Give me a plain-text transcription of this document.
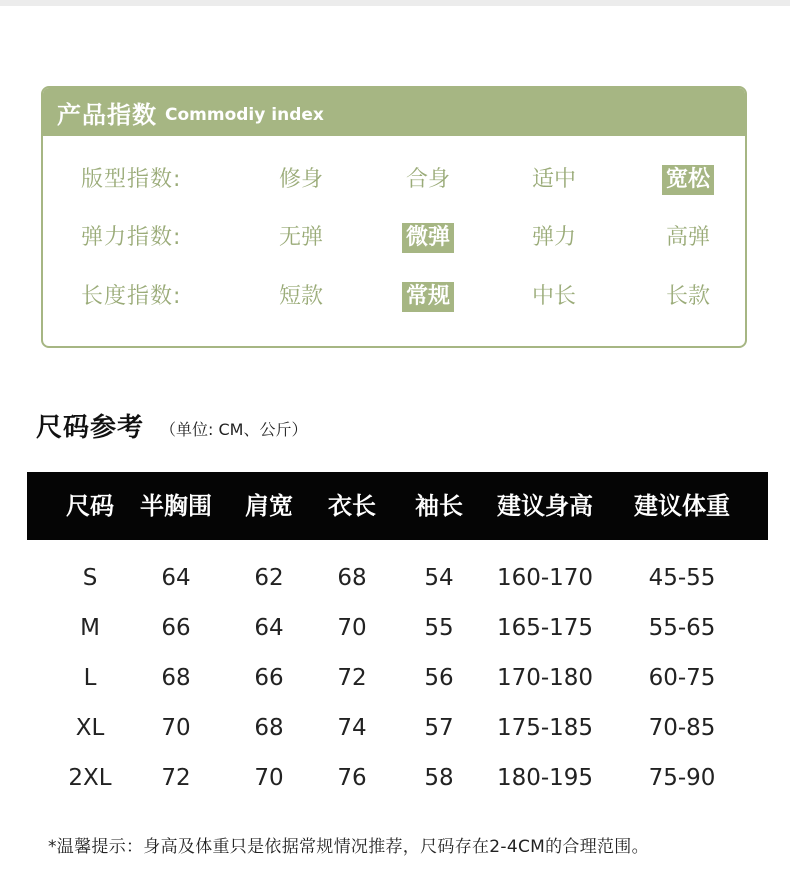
产品指数 Commodiy index
版型指数:	修身	合身	适中	宽松
弹力指数:	无弹	微弹	弹力	高弹
长度指数:	短款	常规	中长	长款
尺码参考 （单位: CM、公斤）
尺码	半胸围	肩宽	衣长	袖长	建议身高	建议体重
S	64	62	68	54	160-170	45-55
M	66	64	70	55	165-175	55-65
L	68	66	72	56	170-180	60-75
XL	70	68	74	57	175-185	70-85
2XL	72	70	76	58	180-195	75-90
*温馨提示：身高及体重只是依据常规情况推荐，尺码存在2-4CM的合理范围。
